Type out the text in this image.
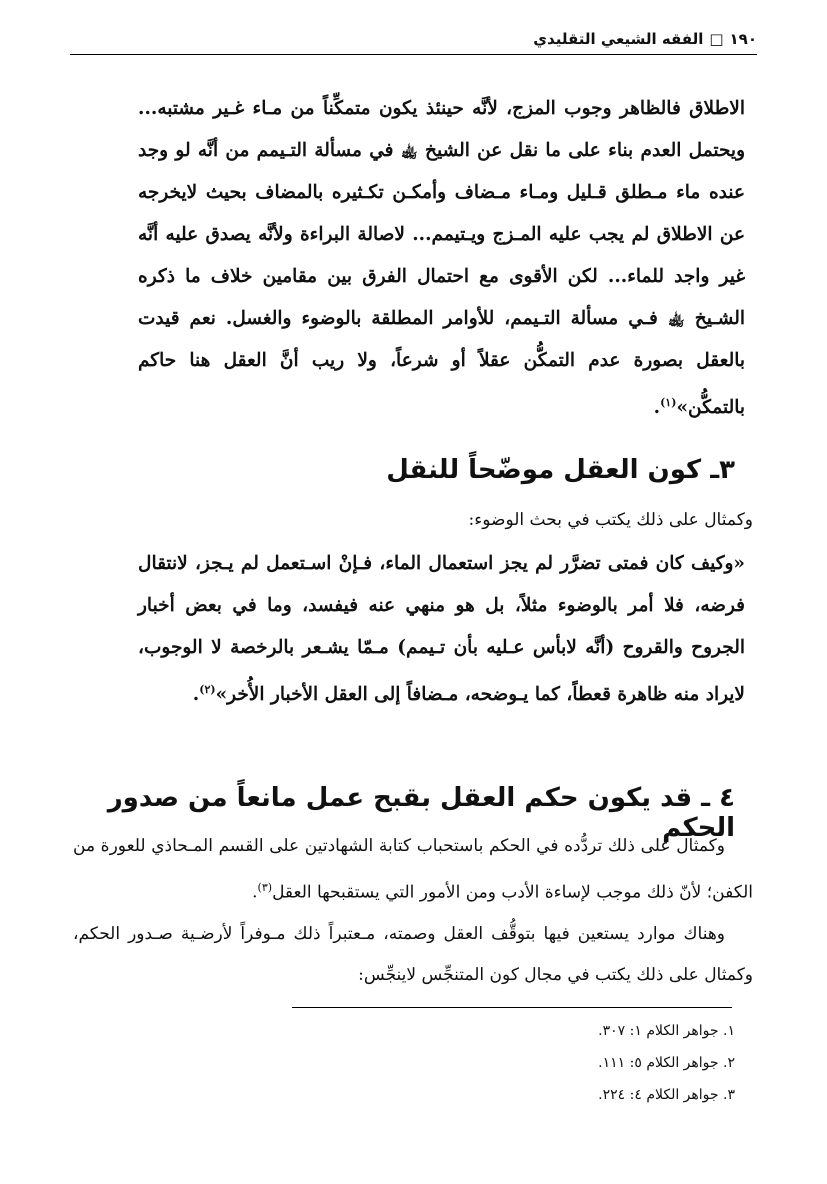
١٩٠□الفقه الشيعي التقليدي

الاطلاق فالظاهر وجوب المزج، لأنَّه حينئذ يكون متمكِّناً من مـاء غـير مشتبه... ويحتمل العدم بناء على ما نقل عن الشيخ ﵀ في مسألة التـيمم من أنَّه لو وجد عنده ماء مـطلق قـليل ومـاء مـضاف وأمكـن تكـثيره بالمضاف بحيث لايخرجه عن الاطلاق لم يجب عليه المـزج ويـتيمم... لاصالة البراءة ولأنَّه يصدق عليه أنَّه غير واجد للماء... لكن الأقوى مع احتمال الفرق بين مقامين خلاف ما ذكره الشـيخ ﵀ فـي مسألة التـيمم، للأوامر المطلقة بالوضوء والغسل. نعم قيدت بالعقل بصورة عدم التمكُّن عقلاً أو شرعاً، ولا ريب أنَّ العقل هنا حاكم بالتمكُّن»$^{(١)}$.

٣ـ كون العقل موضّحاً للنقل

وكمثال على ذلك يكتب في بحث الوضوء:

«وكيف كان فمتى تضرَّر لم يجز استعمال الماء، فـإنْ اسـتعمل لم يـجز، لانتقال فرضه، فلا أمر بالوضوء مثلاً، بل هو منهي عنه فيفسد، وما في بعض أخبار الجروح والقروح (أنَّه لابأس عـليه بأن تـيمم) مـمّا يشـعر بالرخصة لا الوجوب، لايراد منه ظاهرة قعطاً، كما يـوضحه، مـضافاً إلى العقل الأخبار الأُخر»$^{(٢)}$.

٤ ـ قد يكون حكم العقل بقبح عمل مانعاً من صدور الحكم

وكمثال على ذلك تردُّده في الحكم باستحباب كتابة الشهادتين على القسم المـحاذي للعورة من الكفن؛ لأنّ ذلك موجب لإساءة الأدب ومن الأمور التي يستقبحها العقل$^{(٣)}$.

وهناك موارد يستعين فيها بتوقُّف العقل وصمته، مـعتبراً ذلك مـوفراً لأرضـية صـدور الحكم، وكمثال على ذلك يكتب في مجال كون المتنجِّس لاينجِّس:

١. جواهر الكلام ١: ٣٠٧.
٢. جواهر الكلام ٥: ١١١.
٣. جواهر الكلام ٤: ٢٢٤.
